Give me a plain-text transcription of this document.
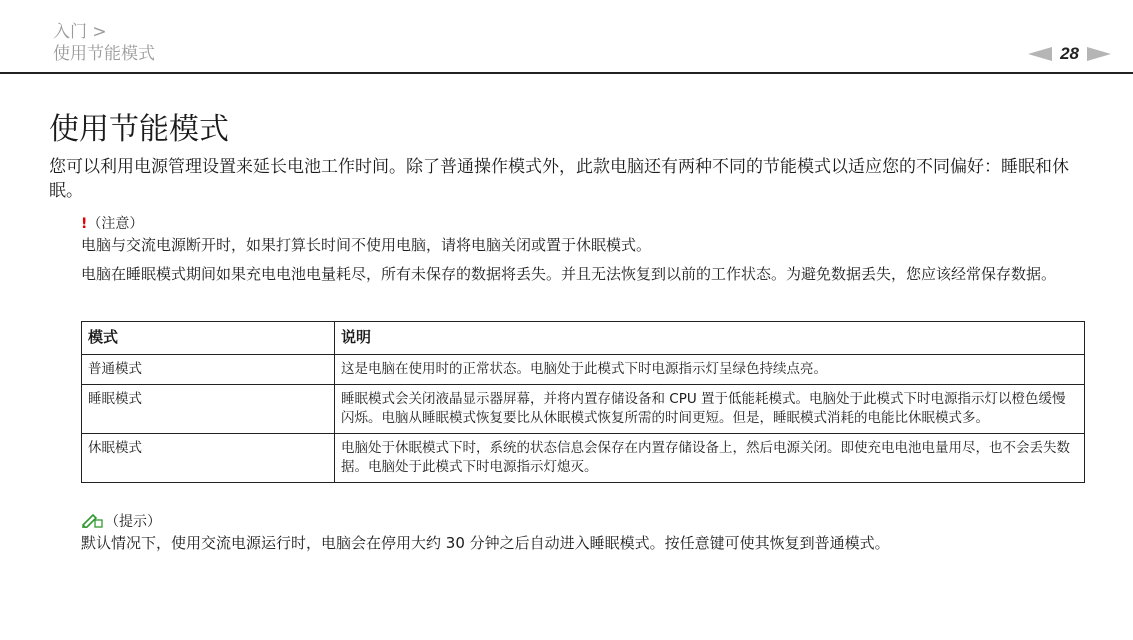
入门 >
使用节能模式	28
使用节能模式

您可以利用电源管理设置来延长电池工作时间。除了普通操作模式外，此款电脑还有两种不同的节能模式以适应您的不同偏好：睡眠和休眠。

!（注意）

电脑与交流电源断开时，如果打算长时间不使用电脑，请将电脑关闭或置于休眠模式。

电脑在睡眠模式期间如果充电电池电量耗尽，所有未保存的数据将丢失。并且无法恢复到以前的工作状态。为避免数据丢失，您应该经常保存数据。

模式	说明
普通模式	这是电脑在使用时的正常状态。电脑处于此模式下时电源指示灯呈绿色持续点亮。
睡眠模式	睡眠模式会关闭液晶显示器屏幕，并将内置存储设备和 CPU 置于低能耗模式。电脑处于此模式下时电源指示灯以橙色缓慢闪烁。电脑从睡眠模式恢复要比从休眠模式恢复所需的时间更短。但是，睡眠模式消耗的电能比休眠模式多。
休眠模式	电脑处于休眠模式下时，系统的状态信息会保存在内置存储设备上，然后电源关闭。即使充电电池电量用尽，也不会丢失数据。电脑处于此模式下时电源指示灯熄灭。
（提示）

默认情况下，使用交流电源运行时，电脑会在停用大约 30 分钟之后自动进入睡眠模式。按任意键可使其恢复到普通模式。
